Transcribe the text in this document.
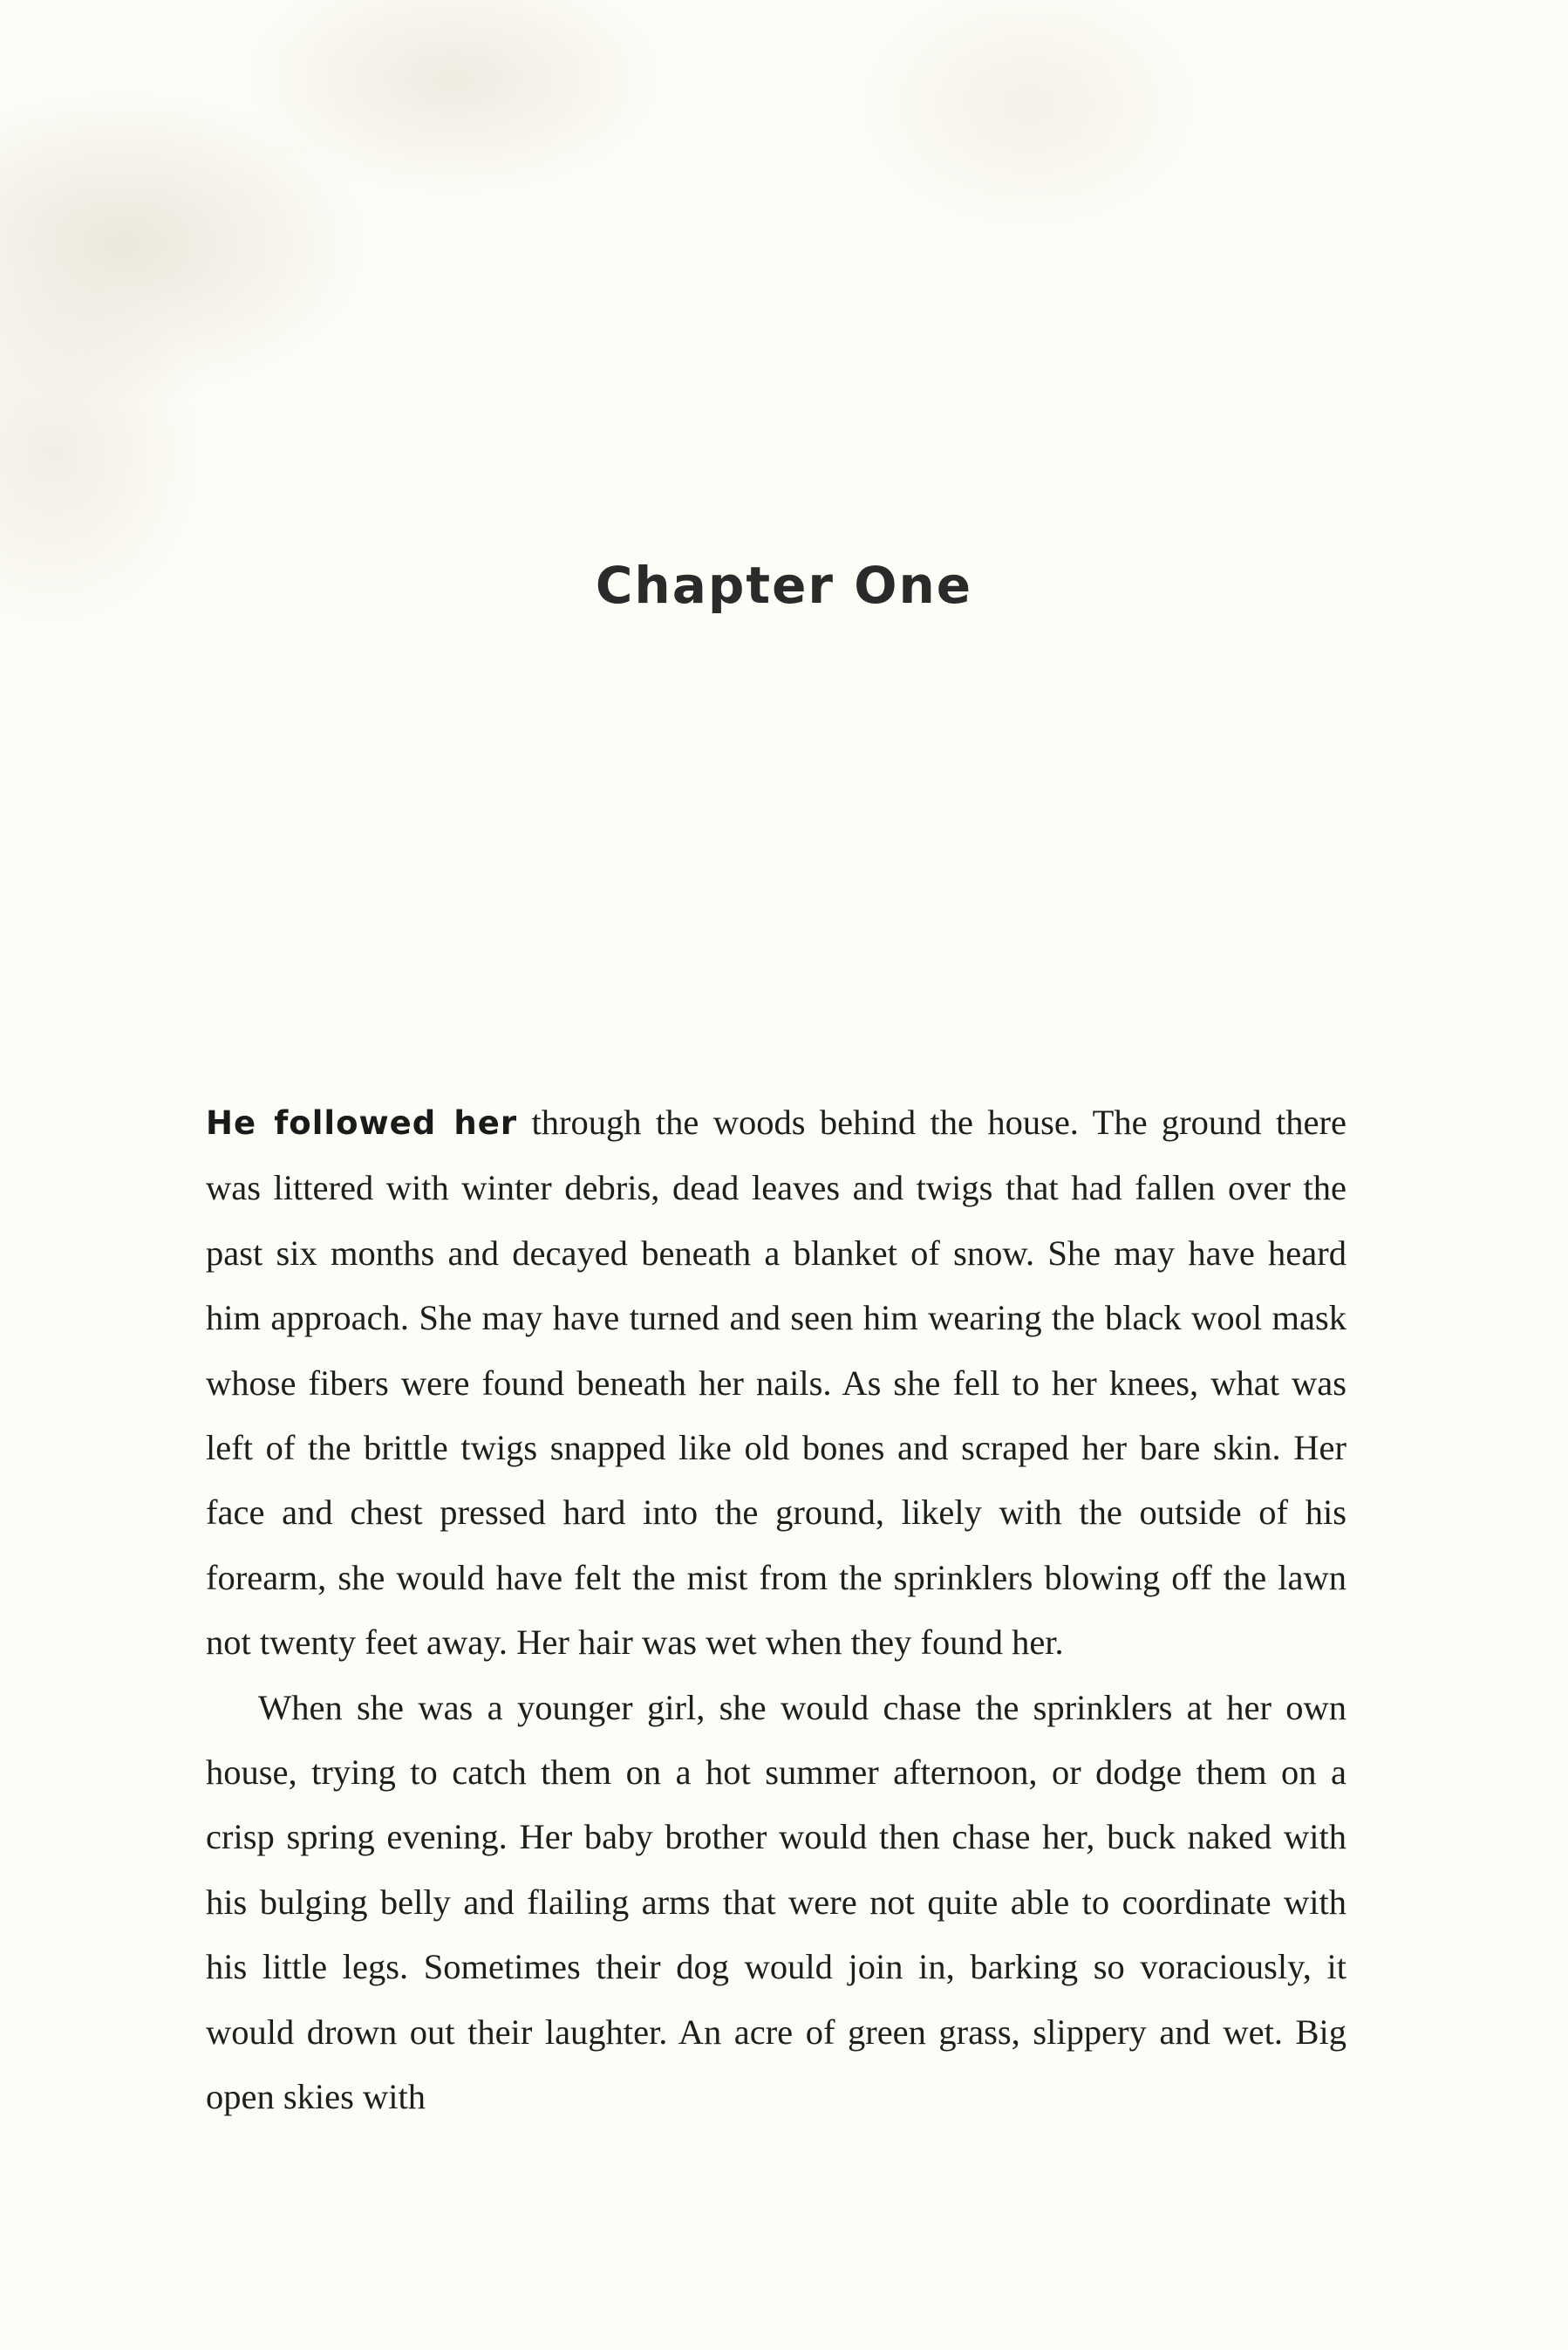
Chapter One

He followed her through the woods behind the house. The ground there was littered with winter debris, dead leaves and twigs that had fallen over the past six months and decayed beneath a blanket of snow. She may have heard him approach. She may have turned and seen him wearing the black wool mask whose fibers were found beneath her nails. As she fell to her knees, what was left of the brittle twigs snapped like old bones and scraped her bare skin. Her face and chest pressed hard into the ground, likely with the outside of his forearm, she would have felt the mist from the sprinklers blowing off the lawn not twenty feet away. Her hair was wet when they found her.

When she was a younger girl, she would chase the sprinklers at her own house, trying to catch them on a hot summer afternoon, or dodge them on a crisp spring evening. Her baby brother would then chase her, buck naked with his bulging belly and flailing arms that were not quite able to coordinate with his little legs. Sometimes their dog would join in, barking so voraciously, it would drown out their laughter. An acre of green grass, slippery and wet. Big open skies with
